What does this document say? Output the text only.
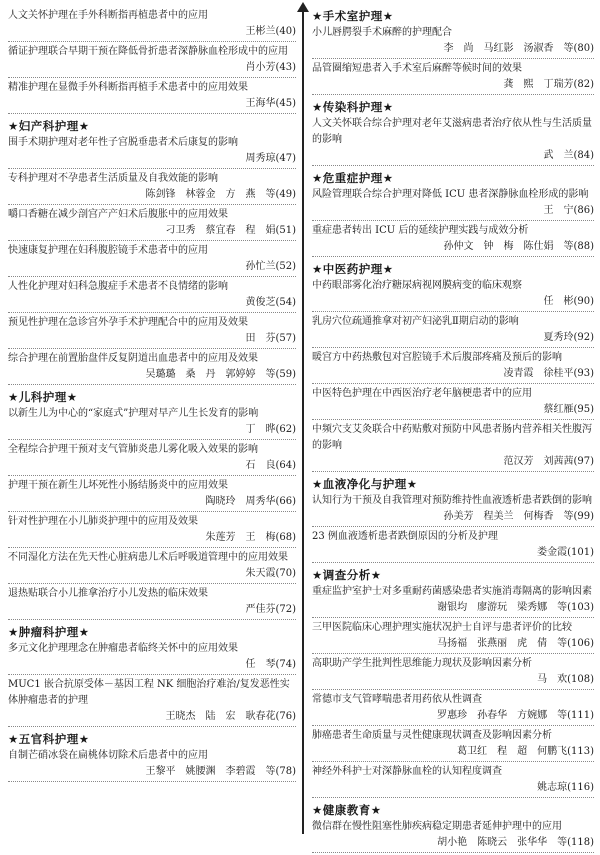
人文关怀护理在手外科断指再植患者中的应用
王彬兰(40)
循证护理联合早期干预在降低骨折患者深静脉血栓形成中的应用
肖小芳(43)
精准护理在显微手外科断指再植手术患者中的应用效果
王海华(45)
★妇产科护理★
围手术期护理对老年性子宫脱垂患者术后康复的影响
周秀琼(47)
专科护理对不孕患者生活质量及自我效能的影响
陈剑锋　林蓉金　方　燕　等(49)
嚼口香糖在减少剖宫产产妇术后腹胀中的应用效果
刁卫秀　蔡宜春　程　娟(51)
快速康复护理在妇科腹腔镜手术患者中的应用
孙忙兰(52)
人性化护理对妇科急腹症手术患者不良情绪的影响
黄俊芝(54)
预见性护理在急诊宫外孕手术护理配合中的应用及效果
田　芬(57)
综合护理在前置胎盘伴反复阴道出血患者中的应用及效果
吴璐璐　桑　丹　郭婷婷　等(59)
★儿科护理★
以新生儿为中心的“家庭式”护理对早产儿生长发育的影响
丁　晔(62)
全程综合护理干预对支气管肺炎患儿雾化吸入效果的影响
石　良(64)
护理干预在新生儿坏死性小肠结肠炎中的应用效果
陶晓玲　周秀华(66)
针对性护理在小儿肺炎护理中的应用及效果
朱莲芳　王　梅(68)
不同湿化方法在先天性心脏病患儿术后呼吸道管理中的应用效果
朱天霞(70)
退热贴联合小儿推拿治疗小儿发热的临床效果
严佳芬(72)
★肿瘤科护理★
多元文化护理理念在肿瘤患者临终关怀中的应用效果
任　琴(74)
MUC1 嵌合抗原受体－基因工程 NK 细胞治疗难治/复发恶性实体肿瘤患者的护理
王晓杰　陆　宏　耿春花(76)
★五官科护理★
自制芒硝冰袋在扁桃体切除术后患者中的应用
王黎平　姚腰渊　李碧霞　等(78)
★手术室护理★
小儿唇腭裂手术麻醉的护理配合
李　尚　马红影　汤淑香　等(80)
品管圈缩短患者入手术室后麻醉等候时间的效果
龚　熙　丁瑞芳(82)
★传染科护理★
人文关怀联合综合护理对老年艾滋病患者治疗依从性与生活质量的影响
武　兰(84)
★危重症护理★
风险管理联合综合护理对降低 ICU 患者深静脉血栓形成的影响
王　宁(86)
重症患者转出 ICU 后的延续护理实践与成效分析
孙仲文　钟　梅　陈仕娟　等(88)
★中医药护理★
中药眼部雾化治疗糖尿病视网膜病变的临床观察
任　彬(90)
乳房穴位疏通推拿对初产妇泌乳Ⅱ期启动的影响
夏秀玲(92)
暖宫方中药热敷包对宫腔镜手术后腹部疼痛及预后的影响
凌青霞　徐桂平(93)
中医特色护理在中西医治疗老年脑梗患者中的应用
蔡红雁(95)
中频穴支艾灸联合中药贴敷对预防中风患者肠内营养相关性腹泻的影响
范汉芳　刘茜茜(97)
★血液净化与护理★
认知行为干预及自我管理对预防维持性血液透析患者跌倒的影响
孙美芳　程美兰　何梅香　等(99)
23 例血液透析患者跌倒原因的分析及护理
娄金霞(101)
★调查分析★
重症监护室护士对多重耐药菌感染患者实施消毒隔离的影响因素
谢银均　廖游玩　梁秀娜　等(103)
三甲医院临床心理护理实施状况护士自评与患者评价的比较
马扬福　张燕丽　虎　倩　等(106)
高职助产学生批判性思维能力现状及影响因素分析
马　欢(108)
常德市支气管哮喘患者用药依从性调查
罗惠珍　孙春华　方婉娜　等(111)
肺癌患者生命质量与灵性健康现状调查及影响因素分析
葛卫红　程　超　何鹏飞(113)
神经外科护士对深静脉血栓的认知程度调查
姚志琼(116)
★健康教育★
微信群在慢性阻塞性肺疾病稳定期患者延伸护理中的应用
胡小艳　陈晓云　张华华　等(118)
